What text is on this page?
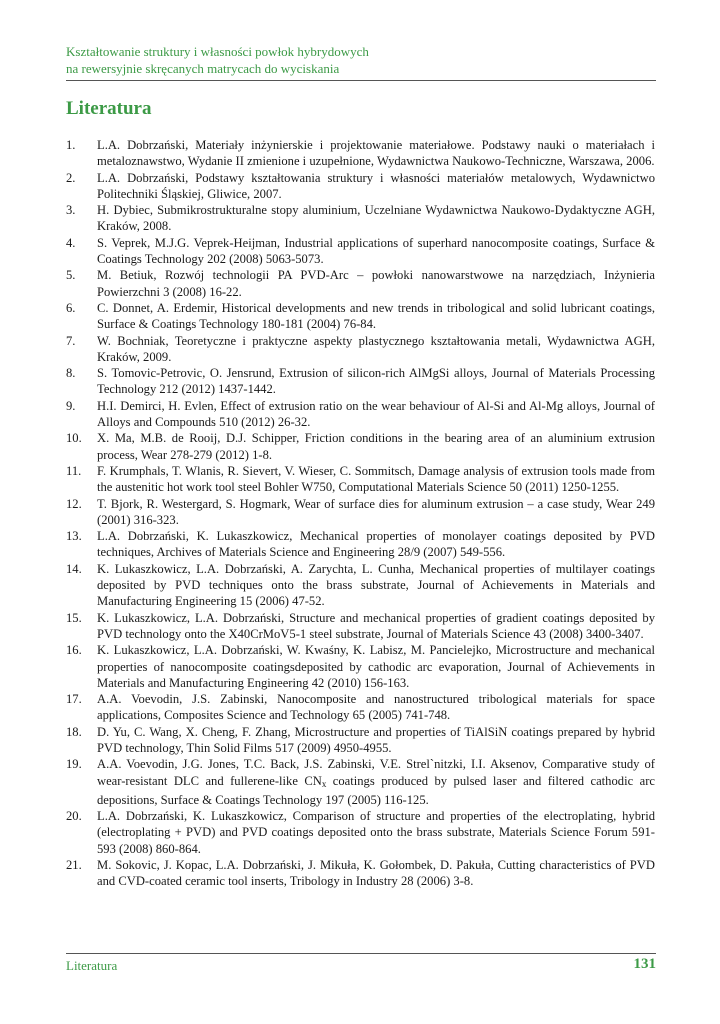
Kształtowanie struktury i własności powłok hybrydowych
na rewersyjnie skręcanych matrycach do wyciskania
Literatura
1.	L.A. Dobrzański, Materiały inżynierskie i projektowanie materiałowe. Podstawy nauki o materiałach i metaloznawstwo, Wydanie II zmienione i uzupełnione, Wydawnictwa Naukowo-Techniczne, Warszawa, 2006.
2.	L.A. Dobrzański, Podstawy kształtowania struktury i własności materiałów metalowych, Wydawnictwo Politechniki Śląskiej, Gliwice, 2007.
3.	H. Dybiec, Submikrostrukturalne stopy aluminium, Uczelniane Wydawnictwa Naukowo-Dydaktyczne AGH, Kraków, 2008.
4.	S. Veprek, M.J.G. Veprek-Heijman, Industrial applications of superhard nanocomposite coatings, Surface & Coatings Technology 202 (2008) 5063-5073.
5.	M. Betiuk, Rozwój technologii PA PVD-Arc – powłoki nanowarstwowe na narzędziach, Inżynieria Powierzchni 3 (2008) 16-22.
6.	C. Donnet, A. Erdemir, Historical developments and new trends in tribological and solid lubricant coatings, Surface & Coatings Technology 180-181 (2004) 76-84.
7.	W. Bochniak, Teoretyczne i praktyczne aspekty plastycznego kształtowania metali, Wydawnictwa AGH, Kraków, 2009.
8.	S. Tomovic-Petrovic, O. Jensrund, Extrusion of silicon-rich AlMgSi alloys, Journal of Materials Processing Technology 212 (2012) 1437-1442.
9.	H.I. Demirci, H. Evlen, Effect of extrusion ratio on the wear behaviour of Al-Si and Al-Mg alloys, Journal of Alloys and Compounds 510 (2012) 26-32.
10.	X. Ma, M.B. de Rooij, D.J. Schipper, Friction conditions in the bearing area of an aluminium extrusion process, Wear 278-279 (2012) 1-8.
11.	F. Krumphals, T. Wlanis, R. Sievert, V. Wieser, C. Sommitsch, Damage analysis of extrusion tools made from the austenitic hot work tool steel Bohler W750, Computational Materials Science 50 (2011) 1250-1255.
12.	T. Bjork, R. Westergard, S. Hogmark, Wear of surface dies for aluminum extrusion – a case study, Wear 249 (2001) 316-323.
13.	L.A. Dobrzański, K. Lukaszkowicz, Mechanical properties of monolayer coatings deposited by PVD techniques, Archives of Materials Science and Engineering 28/9 (2007) 549-556.
14.	K. Lukaszkowicz, L.A. Dobrzański, A. Zarychta, L. Cunha, Mechanical properties of multilayer coatings deposited by PVD techniques onto the brass substrate, Journal of Achievements in Materials and Manufacturing Engineering 15 (2006) 47-52.
15.	K. Lukaszkowicz, L.A. Dobrzański, Structure and mechanical properties of gradient coatings deposited by PVD technology onto the X40CrMoV5-1 steel substrate, Journal of Materials Science 43 (2008) 3400-3407.
16.	K. Lukaszkowicz, L.A. Dobrzański, W. Kwaśny, K. Labisz, M. Pancielejko, Microstructure and mechanical properties of nanocomposite coatingsdeposited by cathodic arc evaporation, Journal of Achievements in Materials and Manufacturing Engineering 42 (2010) 156-163.
17.	A.A. Voevodin, J.S. Zabinski, Nanocomposite and nanostructured tribological materials for space applications, Composites Science and Technology 65 (2005) 741-748.
18.	D. Yu, C. Wang, X. Cheng, F. Zhang, Microstructure and properties of TiAlSiN coatings prepared by hybrid PVD technology, Thin Solid Films 517 (2009) 4950-4955.
19.	A.A. Voevodin, J.G. Jones, T.C. Back, J.S. Zabinski, V.E. Strel`nitzki, I.I. Aksenov, Comparative study of wear-resistant DLC and fullerene-like $CN_x$ coatings produced by pulsed laser and filtered cathodic arc depositions, Surface & Coatings Technology 197 (2005) 116-125.
20.	L.A. Dobrzański, K. Lukaszkowicz, Comparison of structure and properties of the electroplating, hybrid (electroplating + PVD) and PVD coatings deposited onto the brass substrate, Materials Science Forum 591-593 (2008) 860-864.
21.	M. Sokovic, J. Kopac, L.A. Dobrzański, J. Mikuła, K. Gołombek, D. Pakuła, Cutting characteristics of PVD and CVD-coated ceramic tool inserts, Tribology in Industry 28 (2006) 3-8.
Literatura	131
